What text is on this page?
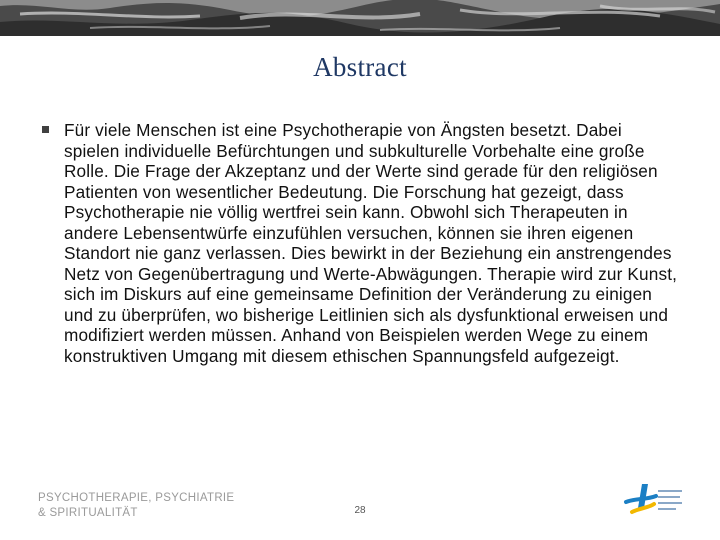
Abstract
Für viele Menschen ist eine Psychotherapie von Ängsten besetzt. Dabei spielen individuelle Befürchtungen und subkulturelle Vorbehalte eine große Rolle. Die Frage der Akzeptanz und der Werte sind gerade für den religiösen Patienten von wesentlicher Bedeutung. Die Forschung hat gezeigt, dass Psychotherapie nie völlig wertfrei sein kann. Obwohl sich Therapeuten in andere Lebensentwürfe einzufühlen versuchen, können sie ihren eigenen Standort nie ganz verlassen. Dies bewirkt in der Beziehung ein anstrengendes Netz von Gegenübertragung und Werte-Abwägungen. Therapie wird zur Kunst, sich im Diskurs auf eine gemeinsame Definition der Veränderung zu einigen und zu überprüfen, wo bisherige Leitlinien sich als dysfunktional erweisen und modifiziert werden müssen. Anhand von Beispielen werden Wege zu einem konstruktiven Umgang mit diesem ethischen Spannungsfeld aufgezeigt.
PSYCHOTHERAPIE, PSYCHIATRIE
& SPIRITUALITÄT	28
